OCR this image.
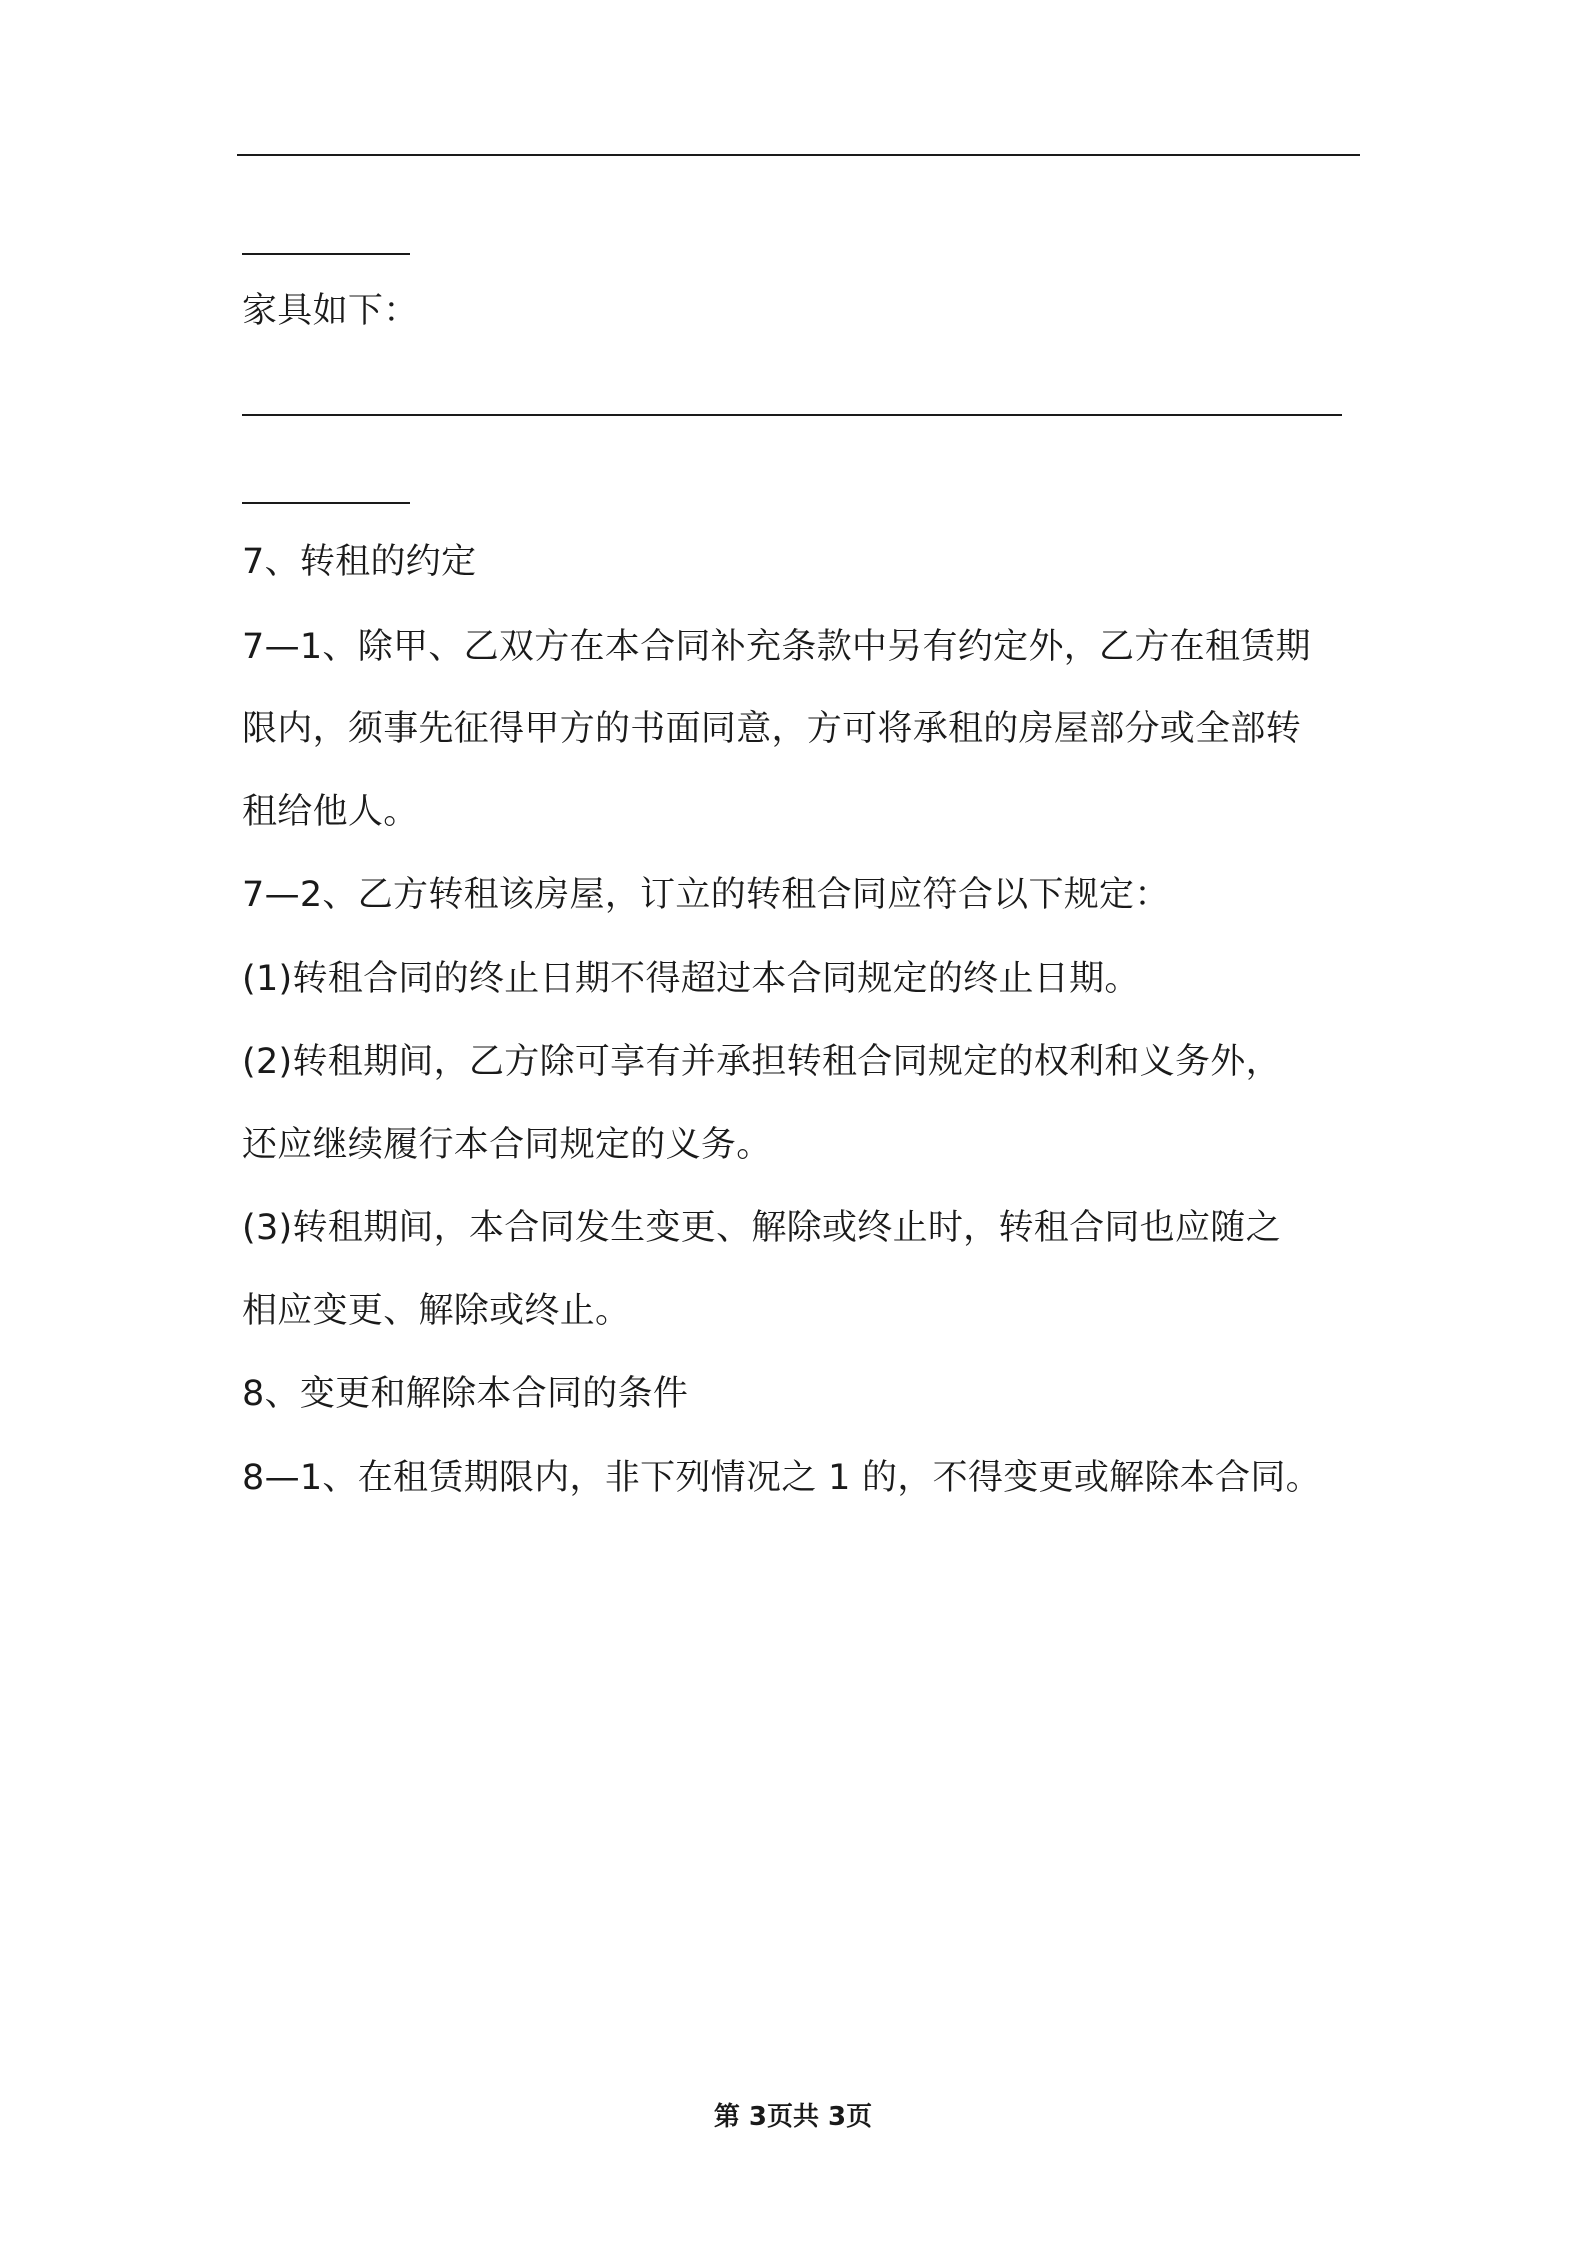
家具如下：
7、转租的约定
7—1、除甲、乙双方在本合同补充条款中另有约定外，乙方在租赁期
限内，须事先征得甲方的书面同意，方可将承租的房屋部分或全部转
租给他人。
7—2、乙方转租该房屋，订立的转租合同应符合以下规定：
(1)转租合同的终止日期不得超过本合同规定的终止日期。
(2)转租期间，乙方除可享有并承担转租合同规定的权利和义务外，
还应继续履行本合同规定的义务。
(3)转租期间，本合同发生变更、解除或终止时，转租合同也应随之
相应变更、解除或终止。
8、变更和解除本合同的条件
8—1、在租赁期限内，非下列情况之 1 的，不得变更或解除本合同。
第 3页共 3页
